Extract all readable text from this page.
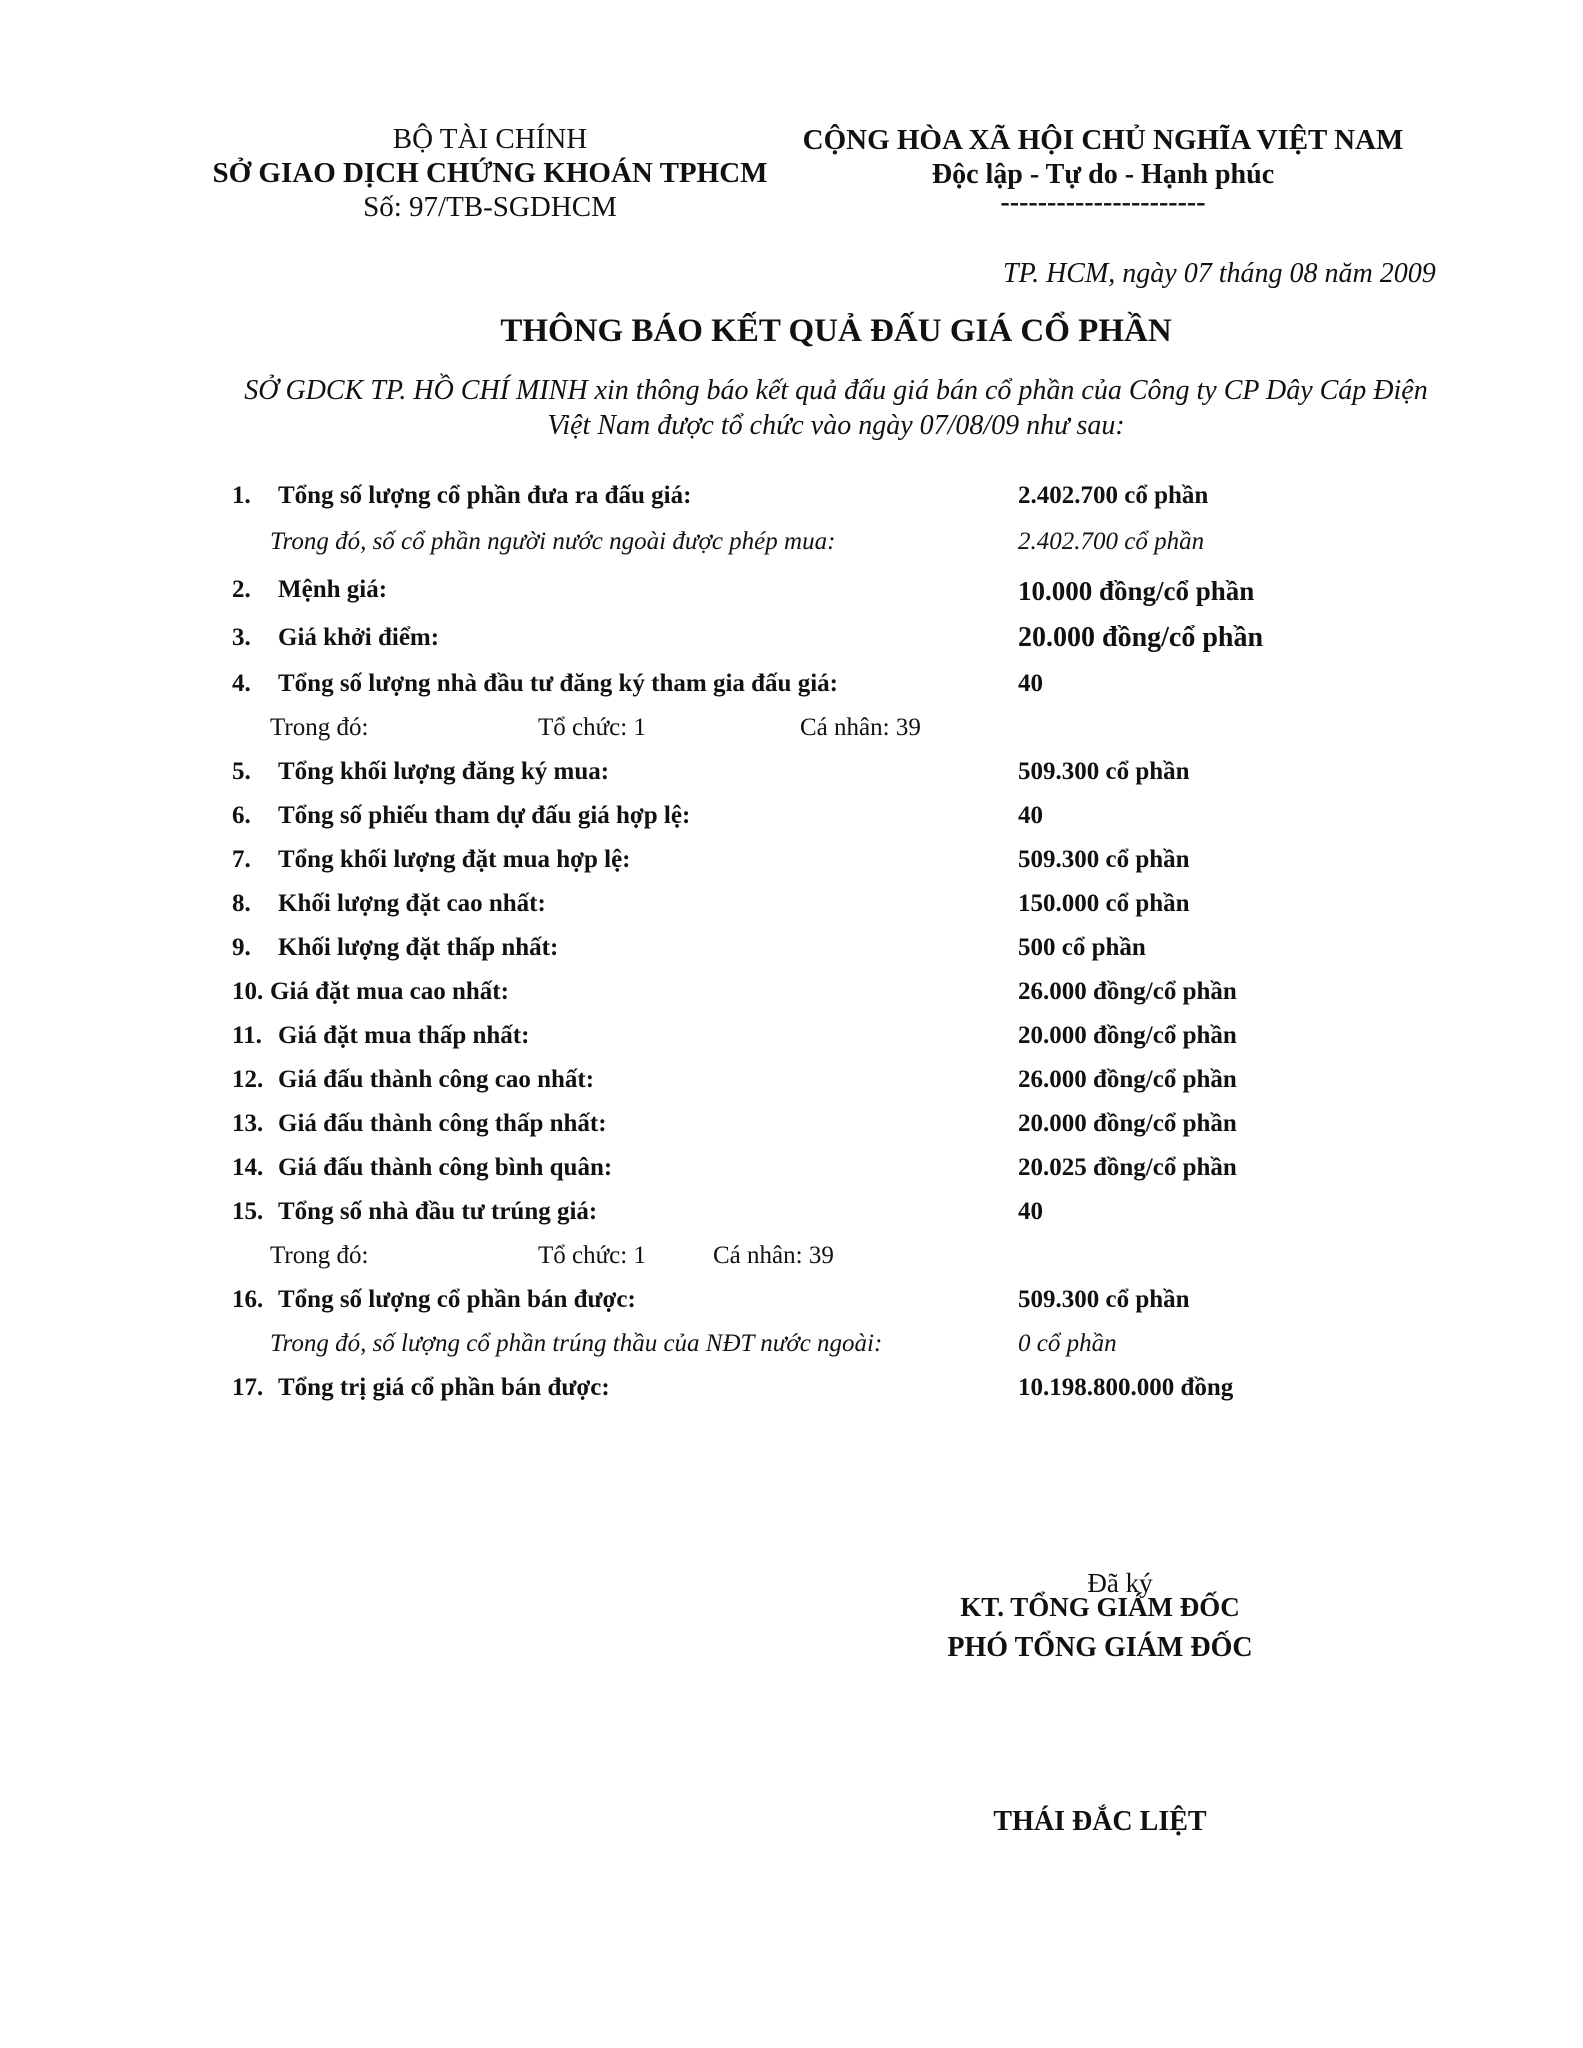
BỘ TÀI CHÍNH
SỞ GIAO DỊCH CHỨNG KHOÁN TPHCM
Số: 97/TB-SGDHCM
CỘNG HÒA XÃ HỘI CHỦ NGHĨA VIỆT NAM
Độc lập - Tự do - Hạnh phúc
----------------------
TP. HCM, ngày 07 tháng 08 năm 2009
THÔNG BÁO KẾT QUẢ ĐẤU GIÁ CỔ PHẦN
SỞ GDCK TP. HỒ CHÍ MINH xin thông báo kết quả đấu giá bán cổ phần của Công ty CP Dây Cáp Điện
Việt Nam được tổ chức vào ngày 07/08/09 như sau:
1. Tổng số lượng cổ phần đưa ra đấu giá:	2.402.700 cổ phần
Trong đó, số cổ phần người nước ngoài được phép mua:	2.402.700 cổ phần
2. Mệnh giá:	10.000 đồng/cổ phần
3. Giá khởi điểm:	20.000 đồng/cổ phần
4. Tổng số lượng nhà đầu tư đăng ký tham gia đấu giá:	40
Trong đó:	Tổ chức: 1	Cá nhân: 39
5. Tổng khối lượng đăng ký mua:	509.300 cổ phần
6. Tổng số phiếu tham dự đấu giá hợp lệ:	40
7. Tổng khối lượng đặt mua hợp lệ:	509.300 cổ phần
8. Khối lượng đặt cao nhất:	150.000 cổ phần
9. Khối lượng đặt thấp nhất:	500 cổ phần
10. Giá đặt mua cao nhất:	26.000 đồng/cổ phần
11. Giá đặt mua thấp nhất:	20.000 đồng/cổ phần
12. Giá đấu thành công cao nhất:	26.000 đồng/cổ phần
13. Giá đấu thành công thấp nhất:	20.000 đồng/cổ phần
14. Giá đấu thành công bình quân:	20.025 đồng/cổ phần
15. Tổng số nhà đầu tư trúng giá:	40
Trong đó:	Tổ chức: 1	Cá nhân: 39
16. Tổng số lượng cổ phần bán được:	509.300 cổ phần
Trong đó, số lượng cổ phần trúng thầu của NĐT nước ngoài:	0 cổ phần
17. Tổng trị giá cổ phần bán được:	10.198.800.000 đồng
Đã ký
KT. TỔNG GIÁM ĐỐC
PHÓ TỔNG GIÁM ĐỐC
THÁI ĐẮC LIỆT
